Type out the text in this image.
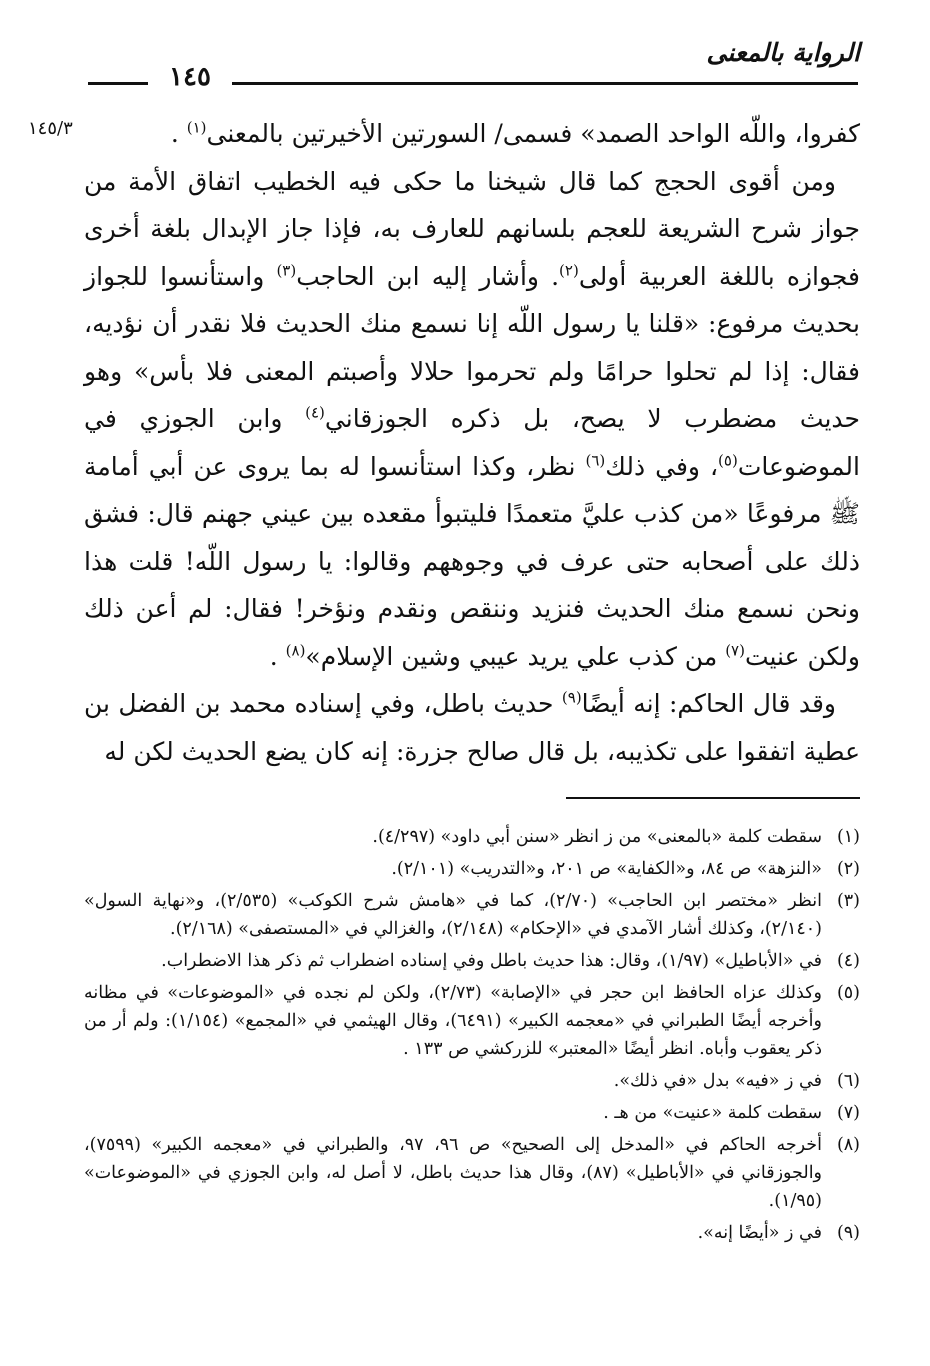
الرواية بالمعنى
١٤٥
١٤٥/٣	كفروا، واللّه الواحد الصمد» فسمى/ السورتين الأخيرتين بالمعنى$^{(١)}$ .

ومن أقوى الحجج كما قال شيخنا ما حكى فيه الخطيب اتفاق الأمة من جواز شرح الشريعة للعجم بلسانهم للعارف به، فإذا جاز الإبدال بلغة أخرى فجوازه باللغة العربية أولى$^{(٢)}$. وأشار إليه ابن الحاجب$^{(٣)}$ واستأنسوا للجواز بحديث مرفوع: «قلنا يا رسول اللّه إنا نسمع منك الحديث فلا نقدر أن نؤديه، فقال: إذا لم تحلوا حرامًا ولم تحرموا حلالا وأصبتم المعنى فلا بأس» وهو حديث مضطرب لا يصح، بل ذكره الجوزقاني$^{(٤)}$ وابن الجوزي في الموضوعات$^{(٥)}$، وفي ذلك$^{(٦)}$ نظر، وكذا استأنسوا له بما يروى عن أبي أمامة ﷺ مرفوعًا «من كذب عليَّ متعمدًا فليتبوأ مقعده بين عيني جهنم قال: فشق ذلك على أصحابه حتى عرف في وجوههم وقالوا: يا رسول اللّه! قلت هذا ونحن نسمع منك الحديث فنزيد وننقص ونقدم ونؤخر! فقال: لم أعن ذلك ولكن عنيت$^{(٧)}$ من كذب علي يريد عيبي وشين الإسلام»$^{(٨)}$ .

وقد قال الحاكم: إنه أيضًا$^{(٩)}$ حديث باطل، وفي إسناده محمد بن الفضل بن عطية اتفقوا على تكذيبه، بل قال صالح جزرة: إنه كان يضع الحديث لكن له

(١)
سقطت كلمة «بالمعنى» من ز انظر «سنن أبي داود» (٤/٢٩٧).

(٢)
«النزهة» ص ٨٤، و«الكفاية» ص ٢٠١، و«التدريب» (٢/١٠١).

(٣)
انظر «مختصر ابن الحاجب» (٢/٧٠)، كما في «هامش شرح الكوكب» (٢/٥٣٥)، و«نهاية السول» (٢/١٤٠)، وكذلك أشار الآمدي في «الإحكام» (٢/١٤٨)، والغزالي في «المستصفى» (٢/١٦٨).

(٤)
في «الأباطيل» (١/٩٧)، وقال: هذا حديث باطل وفي إسناده اضطراب ثم ذكر هذا الاضطراب.

(٥)
وكذلك عزاه الحافظ ابن حجر في «الإصابة» (٢/٧٣)، ولكن لم نجده في «الموضوعات» في مظانه وأخرجه أيضًا الطبراني في «معجمه الكبير» (٦٤٩١)، وقال الهيثمي في «المجمع» (١/١٥٤): ولم أر من ذكر يعقوب وأباه. انظر أيضًا «المعتبر» للزركشي ص ١٣٣ .

(٦)
في ز «فيه» بدل «في ذلك».

(٧)
سقطت كلمة «عنيت» من هـ .

(٨)
أخرجه الحاكم في «المدخل إلى الصحيح» ص ٩٦، ٩٧، والطبراني في «معجمه الكبير» (٧٥٩٩)، والجوزقاني في «الأباطيل» (٨٧)، وقال هذا حديث باطل، لا أصل له، وابن الجوزي في «الموضوعات» (١/٩٥).

(٩)
في ز «أيضًا إنه».
